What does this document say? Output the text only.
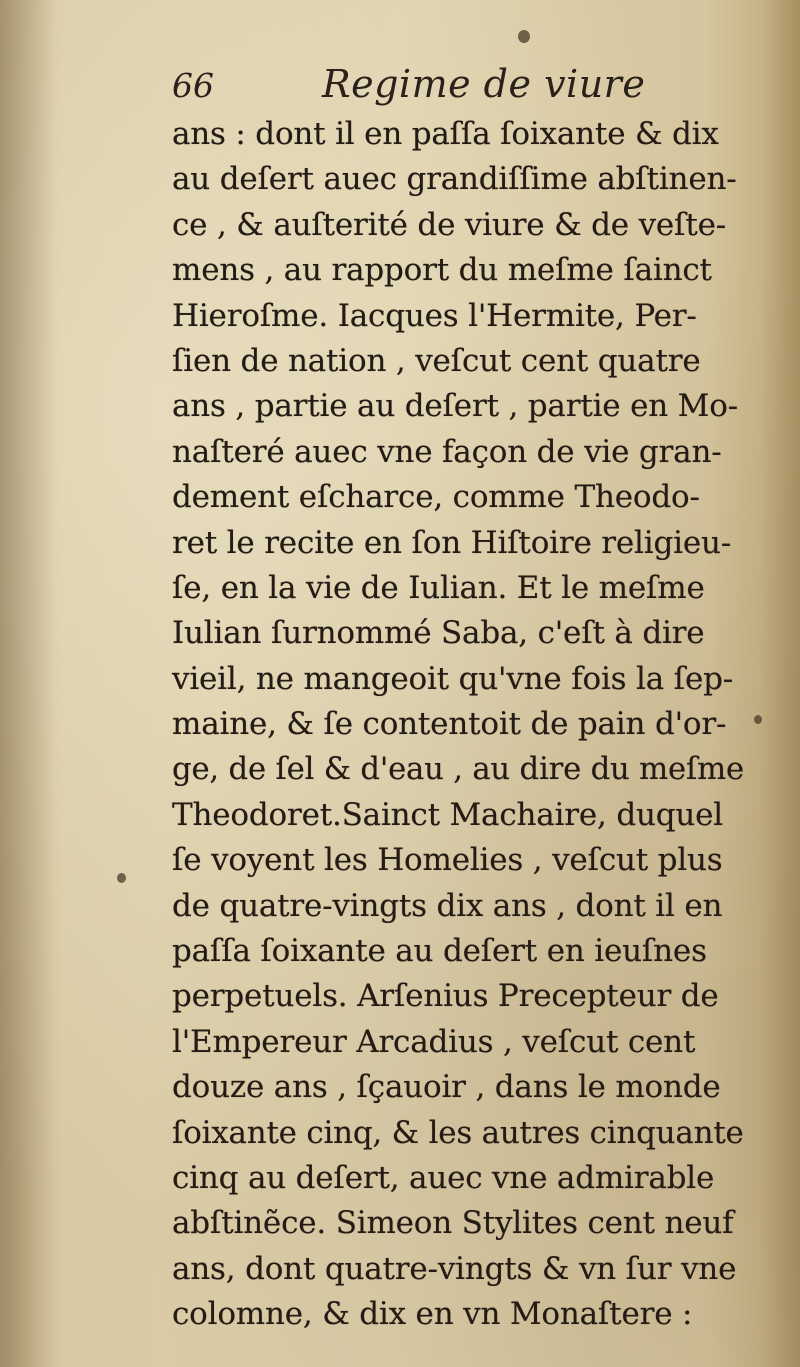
66	Regime de viure
ans : dont il en paſſa ſoixante & dix
au deſert auec grandiſſime abſtinen-
ce , & auſterité de viure & de veſte-
mens , au rapport du meſme ſainct
Hieroſme. Iacques l'Hermite, Per-
ſien de nation , veſcut cent quatre
ans , partie au deſert , partie en Mo-
naſteré auec vne façon de vie gran-
dement eſcharce, comme Theodo-
ret le recite en ſon Hiſtoire religieu-
ſe, en la vie de Iulian. Et le meſme
Iulian ſurnommé Saba, c'eſt à dire
vieil, ne mangeoit qu'vne fois la ſep-
maine, & ſe contentoit de pain d'or-
ge, de ſel & d'eau , au dire du meſme
Theodoret.Sainct Machaire, duquel
ſe voyent les Homelies , veſcut plus
de quatre-vingts dix ans , dont il en
paſſa ſoixante au deſert en ieuſnes
perpetuels. Arſenius Precepteur de
l'Empereur Arcadius , veſcut cent
douze ans , ſçauoir , dans le monde
ſoixante cinq, & les autres cinquante
cinq au deſert, auec vne admirable
abſtinẽce. Simeon Stylites cent neuf
ans, dont quatre-vingts & vn ſur vne
colomne, & dix en vn Monaſtere :
